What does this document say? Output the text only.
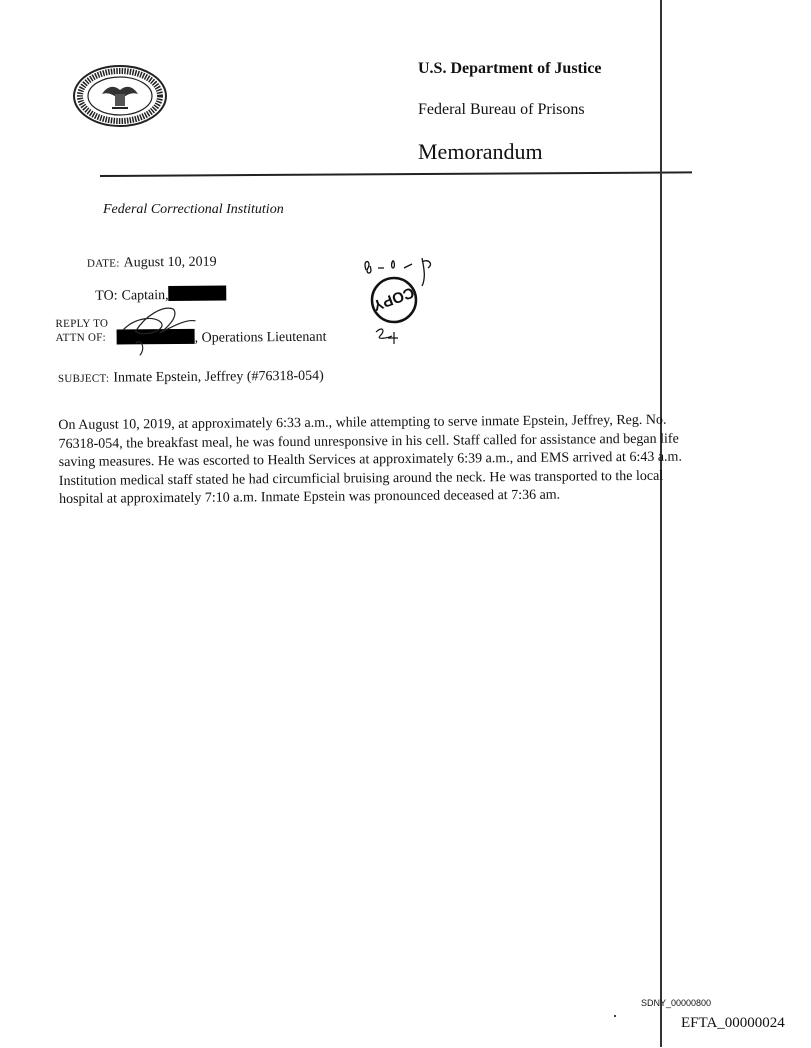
U.S. Department of Justice
Federal Bureau of Prisons
Memorandum
Federal Correctional Institution
DATE: August 10, 2019
TO: Captain,
REPLY TO
ATTN OF:	, Operations Lieutenant
SUBJECT: Inmate Epstein, Jeffrey (#76318-054)
On August 10, 2019, at approximately 6:33 a.m., while attempting to serve inmate Epstein, Jeffrey, Reg. No.
76318-054, the breakfast meal, he was found unresponsive in his cell. Staff called for assistance and began life
saving measures. He was escorted to Health Services at approximately 6:39 a.m., and EMS arrived at 6:43 a.m.
Institution medical staff stated he had circumficial bruising around the neck. He was transported to the local
hospital at approximately 7:10 a.m. Inmate Epstein was pronounced deceased at 7:36 am.
COPY
SDNY_00000800
EFTA_00000024
